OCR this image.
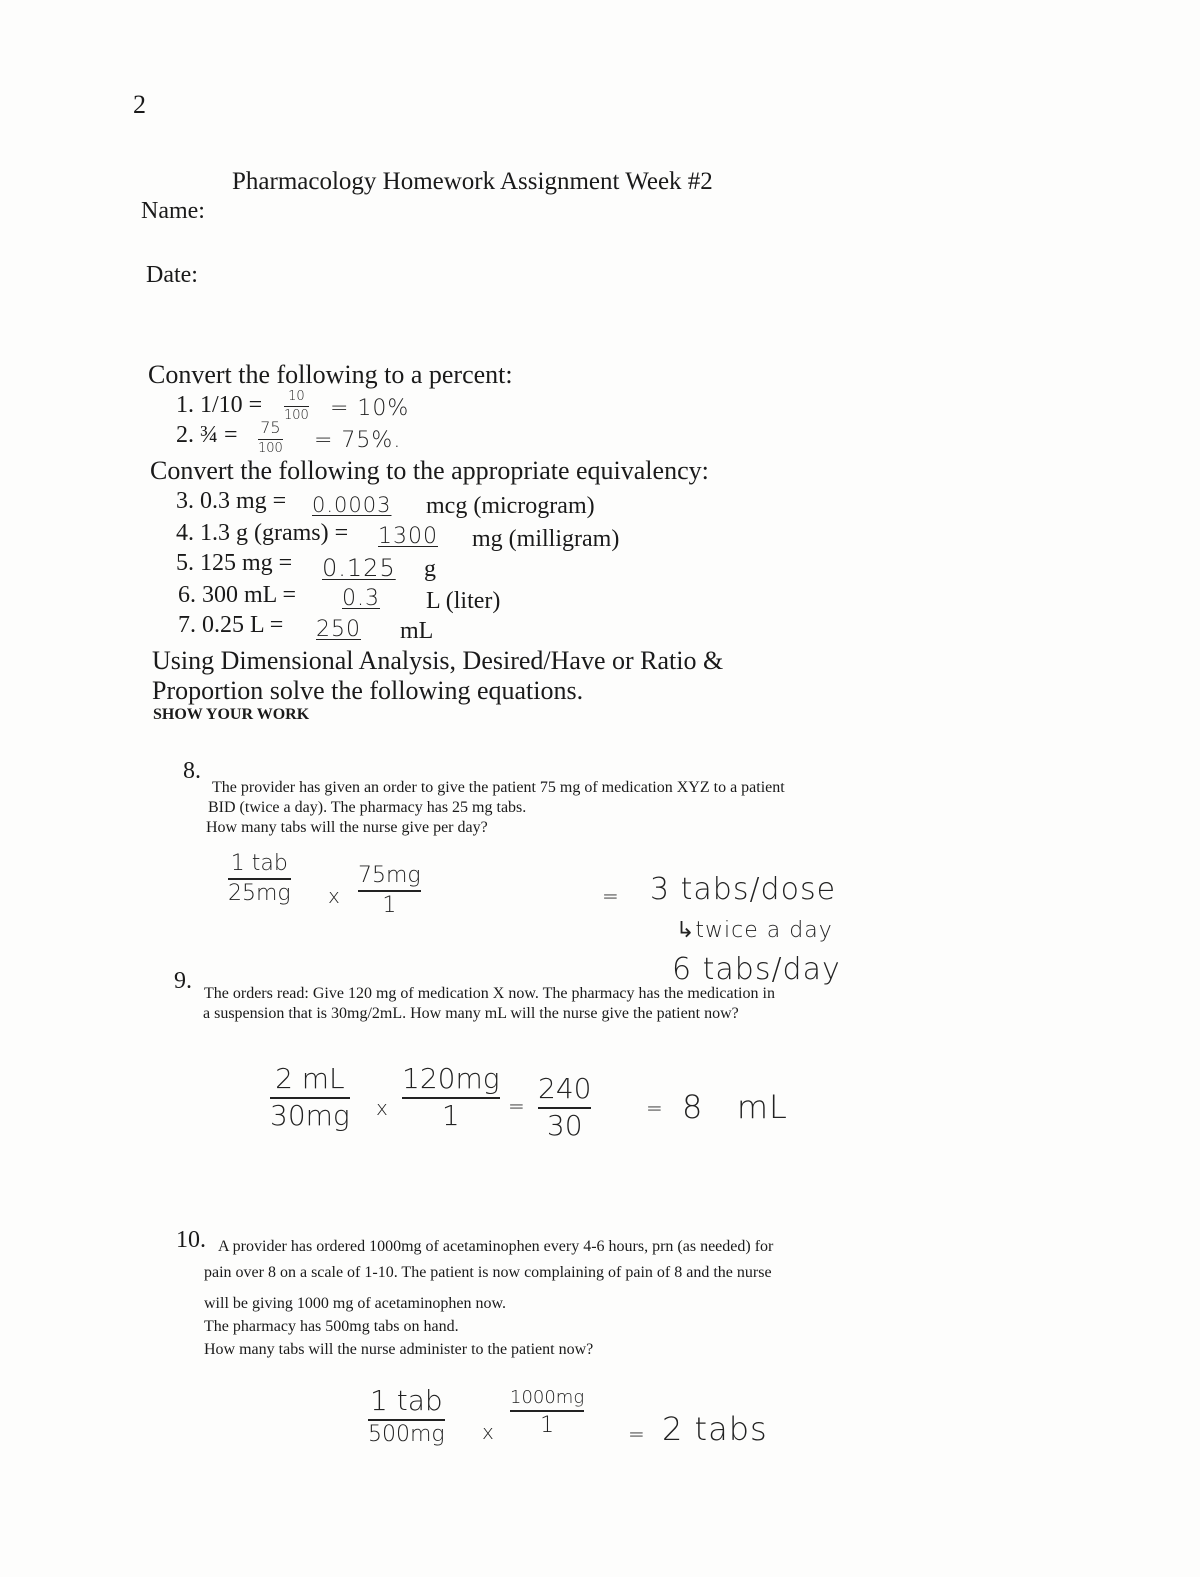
2
Pharmacology Homework Assignment Week #2
Name:
Date:
Convert the following to a percent:
1. 1/10 = 10
100 = 10%
2. ¾ = 75
100 = 75%.
Convert the following to the appropriate equivalency:
3. 0.3 mg = 0.0003 mcg (microgram)
4. 1.3 g (grams) = 1300 mg (milligram)
5. 125 mg = 0.125 g
6. 300 mL = 0.3 L (liter)
7. 0.25 L = 250 mL
Using Dimensional Analysis, Desired/Have or Ratio &
Proportion solve the following equations.
SHOW YOUR WORK
8.
The provider has given an order to give the patient 75 mg of medication XYZ to a patient
BID (twice a day). The pharmacy has 25 mg tabs.
How many tabs will the nurse give per day?
1 tab
25mg x
75mg
1	= 3 tabs/dose
↳twice a day
6 tabs/day
9. The orders read: Give 120 mg of medication X now. The pharmacy has the medication in
a suspension that is 30mg/2mL. How many mL will the nurse give the patient now?
2 mL
30mg x
120mg
1 =
240
30
= 8   mL
10. A provider has ordered 1000mg of acetaminophen every 4-6 hours, prn (as needed) for
pain over 8 on a scale of 1-10. The patient is now complaining of pain of 8 and the nurse
will be giving 1000 mg of acetaminophen now.
The pharmacy has 500mg tabs on hand.
How many tabs will the nurse administer to the patient now?
1 tab
500mg x
1000mg
1	= 2 tabs
